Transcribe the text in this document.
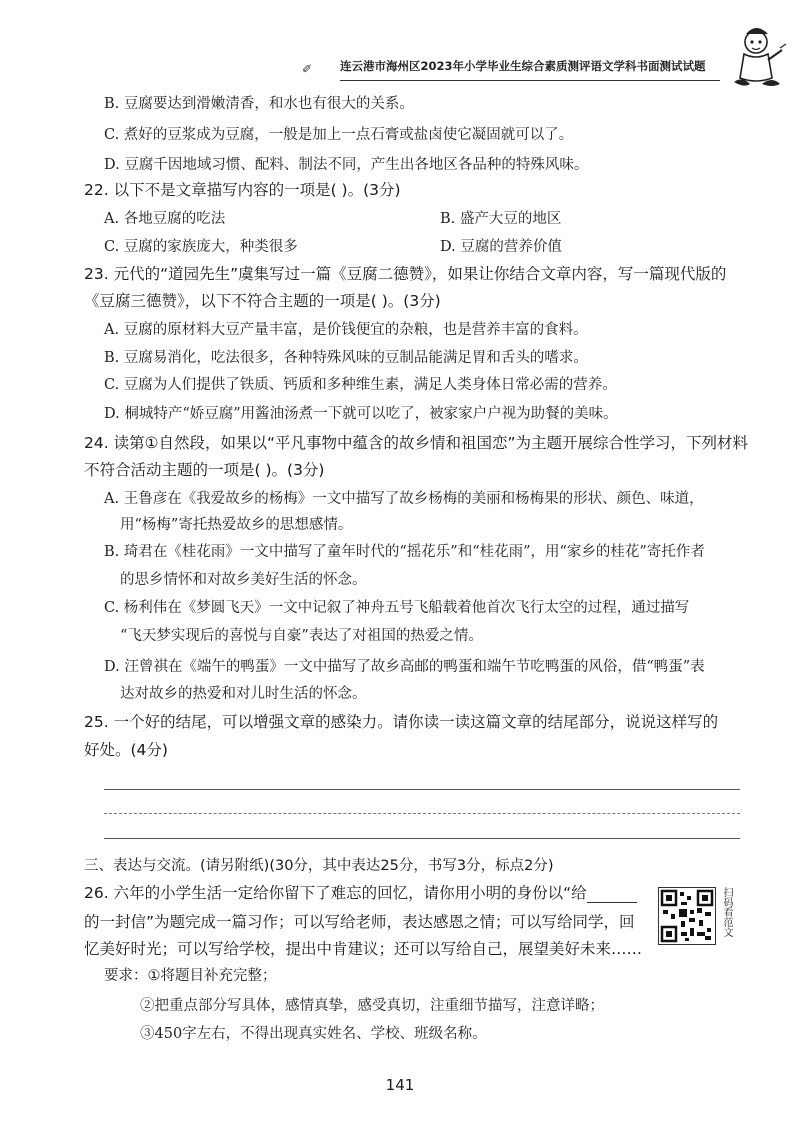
✐	连云港市海州区2023年小学毕业生综合素质测评语文学科书面测试试题
B. 豆腐要达到滑嫩清香，和水也有很大的关系。
C. 煮好的豆浆成为豆腐，一般是加上一点石膏或盐卤使它凝固就可以了。
D. 豆腐千因地域习惯、配料、制法不同，产生出各地区各品种的特殊风味。
22. 以下不是文章描写内容的一项是( )。(3分)
A. 各地豆腐的吃法	B. 盛产大豆的地区
C. 豆腐的家族庞大，种类很多	D. 豆腐的营养价值
23. 元代的“道园先生”虞集写过一篇《豆腐二德赞》，如果让你结合文章内容，写一篇现代版的
《豆腐三德赞》，以下不符合主题的一项是( )。(3分)
A. 豆腐的原材料大豆产量丰富，是价钱便宜的杂粮，也是营养丰富的食料。
B. 豆腐易消化，吃法很多，各种特殊风味的豆制品能满足胃和舌头的嗜求。
C. 豆腐为人们提供了铁质、钙质和多种维生素，满足人类身体日常必需的营养。
D. 桐城特产“娇豆腐”用酱油汤煮一下就可以吃了，被家家户户视为助餐的美味。
24. 读第①自然段，如果以“平凡事物中蕴含的故乡情和祖国恋”为主题开展综合性学习，下列材料
不符合活动主题的一项是( )。(3分)
A. 王鲁彦在《我爱故乡的杨梅》一文中描写了故乡杨梅的美丽和杨梅果的形状、颜色、味道，
用“杨梅”寄托热爱故乡的思想感情。
B. 琦君在《桂花雨》一文中描写了童年时代的“摇花乐”和“桂花雨”，用“家乡的桂花”寄托作者
的思乡情怀和对故乡美好生活的怀念。
C. 杨利伟在《梦圆飞天》一文中记叙了神舟五号飞船载着他首次飞行太空的过程，通过描写
“飞天梦实现后的喜悦与自豪”表达了对祖国的热爱之情。
D. 汪曾祺在《端午的鸭蛋》一文中描写了故乡高邮的鸭蛋和端午节吃鸭蛋的风俗，借“鸭蛋”表
达对故乡的热爱和对儿时生活的怀念。
25. 一个好的结尾，可以增强文章的感染力。请你读一读这篇文章的结尾部分，说说这样写的
好处。(4分)
三、表达与交流。(请另附纸)(30分，其中表达25分，书写3分，标点2分)
26. 六年的小学生活一定给你留下了难忘的回忆，请你用小明的身份以“给
的一封信”为题完成一篇习作；可以写给老师，表达感恩之情；可以写给同学，回
忆美好时光；可以写给学校，提出中肯建议；还可以写给自己，展望美好未来……
要求：①将题目补充完整；
②把重点部分写具体，感情真挚，感受真切，注重细节描写，注意详略；
③450字左右，不得出现真实姓名、学校、班级名称。
扫码看范文
141
